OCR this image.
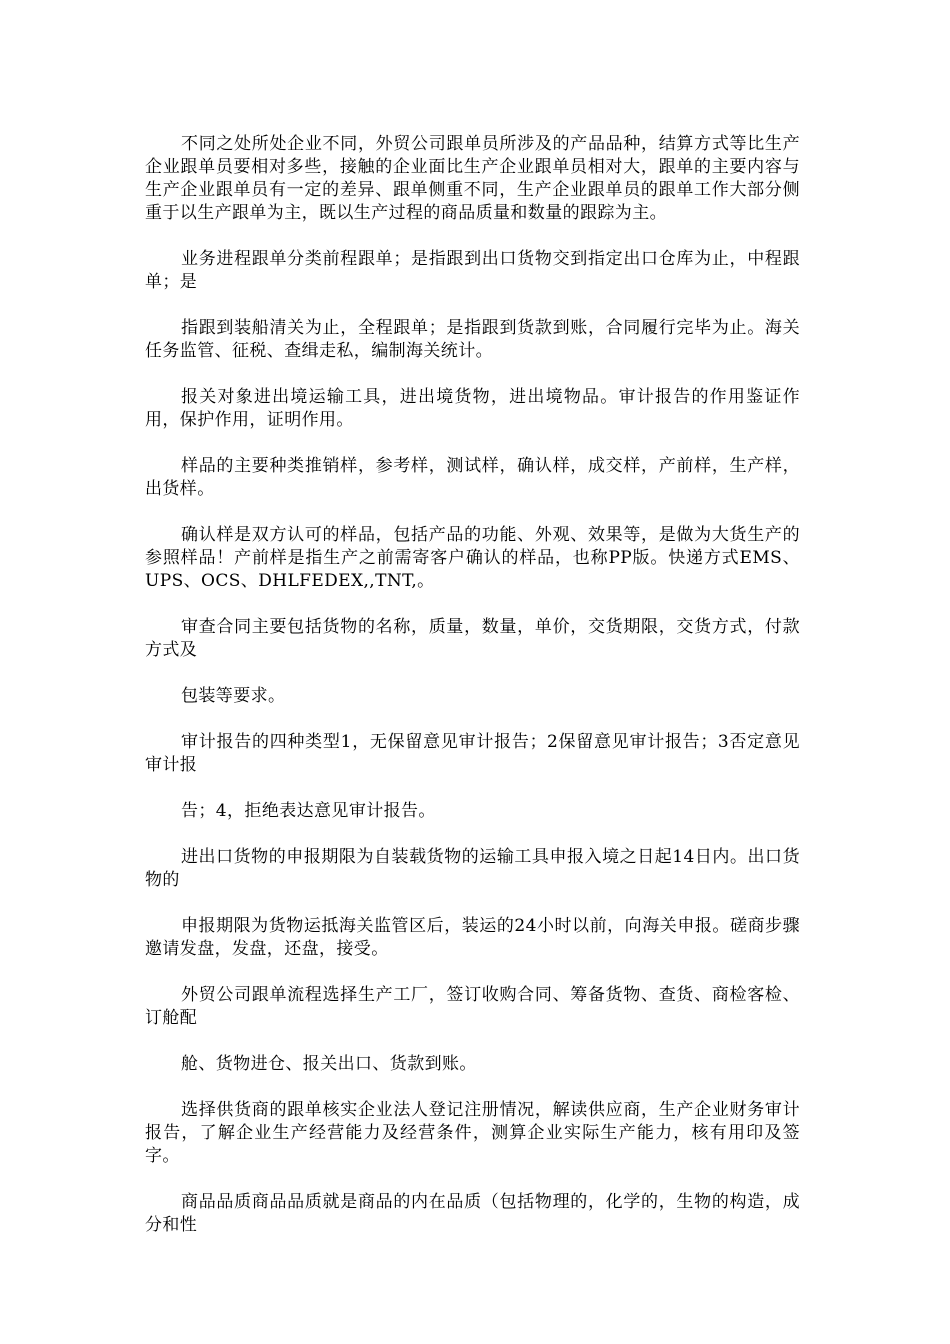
不同之处所处企业不同，外贸公司跟单员所涉及的产品品种，结算方式等比生产企业跟单员要相对多些，接触的企业面比生产企业跟单员相对大，跟单的主要内容与生产企业跟单员有一定的差异、跟单侧重不同，生产企业跟单员的跟单工作大部分侧重于以生产跟单为主，既以生产过程的商品质量和数量的跟踪为主。

业务进程跟单分类前程跟单；是指跟到出口货物交到指定出口仓库为止，中程跟单；是

指跟到装船清关为止，全程跟单；是指跟到货款到账，合同履行完毕为止。海关任务监管、征税、查缉走私，编制海关统计。

报关对象进出境运输工具，进出境货物，进出境物品。审计报告的作用鉴证作用，保护作用，证明作用。

样品的主要种类推销样，参考样，测试样，确认样，成交样，产前样，生产样，出货样。

确认样是双方认可的样品，包括产品的功能、外观、效果等，是做为大货生产的参照样品！产前样是指生产之前需寄客户确认的样品，也称PP版。快递方式EMS、UPS、OCS、DHLFEDEX,,TNT,。

审查合同主要包括货物的名称，质量，数量，单价，交货期限，交货方式，付款方式及

包装等要求。

审计报告的四种类型1，无保留意见审计报告；2保留意见审计报告；3否定意见审计报

告；4，拒绝表达意见审计报告。

进出口货物的申报期限为自装载货物的运输工具申报入境之日起14日内。出口货物的

申报期限为货物运抵海关监管区后，装运的24小时以前，向海关申报。磋商步骤邀请发盘，发盘，还盘，接受。

外贸公司跟单流程选择生产工厂，签订收购合同、筹备货物、查货、商检客检、订舱配

舱、货物进仓、报关出口、货款到账。

选择供货商的跟单核实企业法人登记注册情况，解读供应商，生产企业财务审计报告，了解企业生产经营能力及经营条件，测算企业实际生产能力，核有用印及签字。

商品品质商品品质就是商品的内在品质（包括物理的，化学的，生物的构造，成分和性
